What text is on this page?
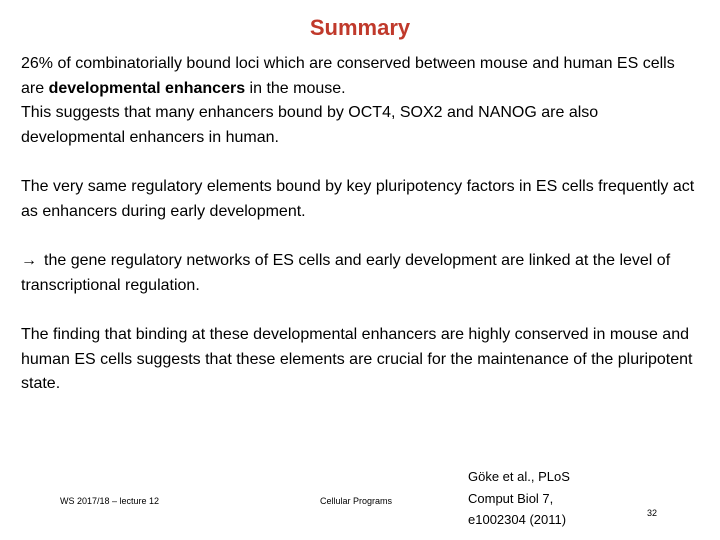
Summary

26% of combinatorially bound loci which are conserved between mouse and human ES cells are developmental enhancers in the mouse.

This suggests that many enhancers bound by OCT4, SOX2 and NANOG are also developmental enhancers in human.

The very same regulatory elements bound by key pluripotency factors in ES cells frequently act as enhancers during early development.

→ the gene regulatory networks of ES cells and early development are linked at the level of transcriptional regulation.

The finding that binding at these developmental enhancers are highly conserved in mouse and human ES cells suggests that these elements are crucial for the maintenance of the pluripotent state.

WS 2017/18 – lecture 12	Cellular Programs
Göke et al., PLoS
Comput Biol 7,
e1002304 (2011)	32
